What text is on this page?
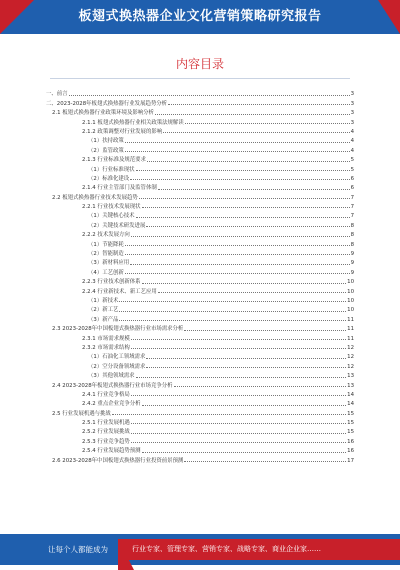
板翅式换热器企业文化营销策略研究报告
内容目录
一、前言	3
二、2023-2028年板翅式换热器行业发展趋势分析	3
2.1 板翅式换热器行业政策环境及影响分析	3
2.1.1 板翅式换热器行业相关政策法规解读	3
2.1.2 政策调整对行业发展的影响	4
（1）扶持政策	4
（2）监管政策	4
2.1.3 行业标准及规范要求	5
（1）行业标准现状	5
（2）标准化建设	6
2.1.4 行业主管部门及监管体制	6
2.2 板翅式换热器行业技术发展趋势	7
2.2.1 行业技术发展现状	7
（1）关键核心技术	7
（2）关键技术研发进展	8
2.2.2 技术发展方向	8
（1）节能降耗	8
（2）智能制造	9
（3）新材料应用	9
（4）工艺创新	9
2.2.3 行业技术创新体系	10
2.2.4 行业新技术、新工艺应用	10
（1）新技术	10
（2）新工艺	10
（3）新产品	11
2.3 2023-2028年中国板翅式换热器行业市场需求分析	11
2.3.1 市场需求规模	11
2.3.2 市场需求结构	12
（1）石油化工领域需求	12
（2）空分设备领域需求	12
（3）其他领域需求	13
2.4 2023-2028年板翅式换热器行业市场竞争分析	13
2.4.1 行业竞争格局	14
2.4.2 重点企业竞争分析	14
2.5 行业发展机遇与挑战	15
2.5.1 行业发展机遇	15
2.5.2 行业发展挑战	15
2.5.3 行业竞争趋势	16
2.5.4 行业发展趋势预测	16
2.6 2023-2028年中国板翅式换热器行业投资前景预测	17
让每个人都能成为	行业专家、管理专家、营销专家、战略专家、商业企业家……
